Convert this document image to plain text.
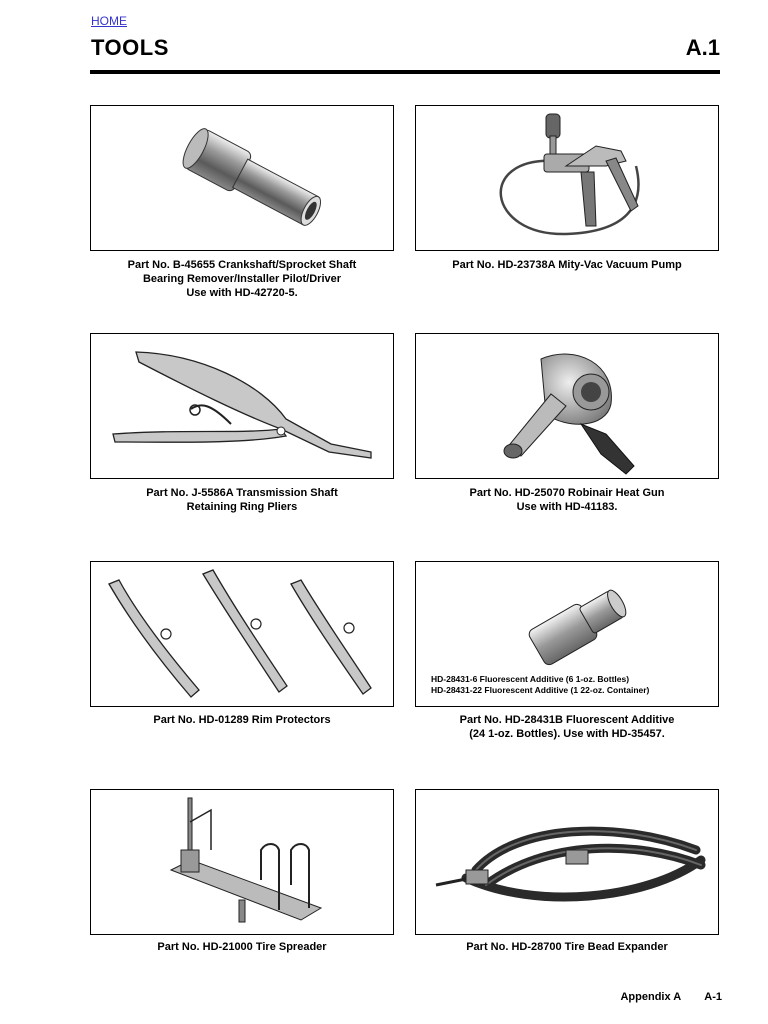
HOME
TOOLS	A.1
Part No. B-45655 Crankshaft/Sprocket Shaft
Bearing Remover/Installer Pilot/Driver
Use with HD-42720-5.
Part No. HD-23738A Mity-Vac Vacuum Pump
Part No. J-5586A Transmission Shaft
Retaining Ring Pliers
Part No. HD-25070 Robinair Heat Gun
Use with HD-41183.
Part No. HD-01289 Rim Protectors
HD-28431-6 Fluorescent Additive (6 1-oz. Bottles)
HD-28431-22 Fluorescent Additive (1 22-oz. Container)
Part No. HD-28431B Fluorescent Additive
(24 1-oz. Bottles). Use with HD-35457.
Part No. HD-21000 Tire Spreader	Part No. HD-28700 Tire Bead Expander
Appendix A A-1
